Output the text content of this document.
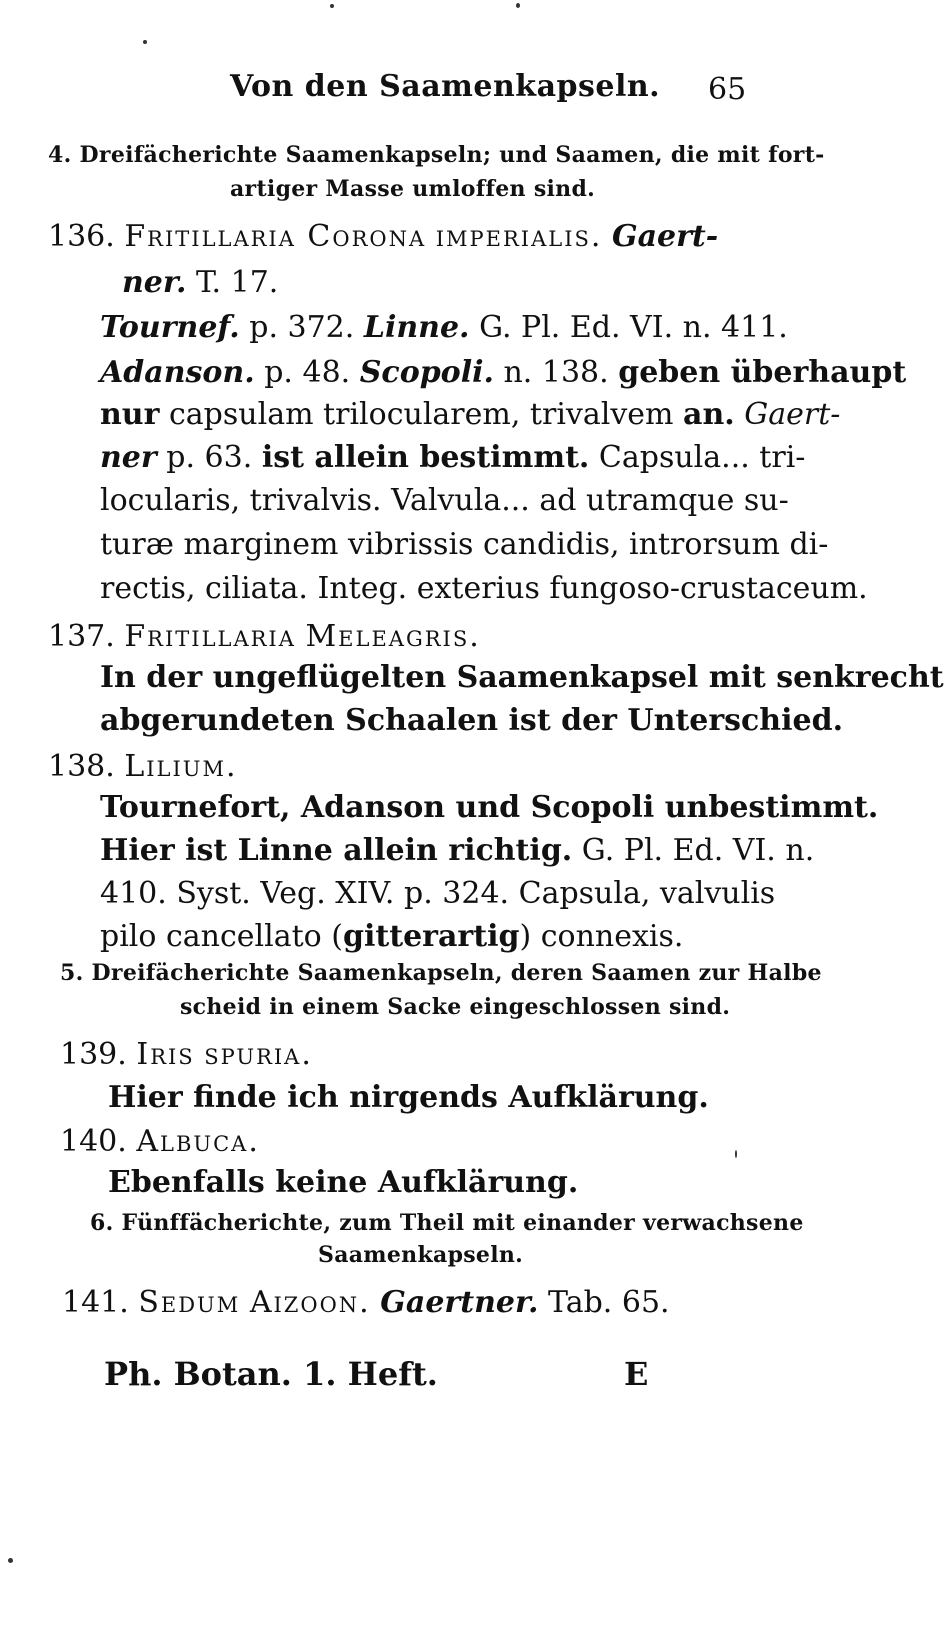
Von den Saamenkapseln. 65

4. Dreifächerichte Saamenkapseln; und Saamen, die mit fort-

artiger Masse umloffen sind.

136. Fritillaria Corona imperialis. Gaert-

ner. T. 17.

Tournef. p. 372. Linne. G. Pl. Ed. VI. n. 411.

Adanson. p. 48. Scopoli. n. 138. geben überhaupt

nur capsulam trilocularem, trivalvem an. Gaert-

ner p. 63. ist allein bestimmt. Capsula... tri-

locularis, trivalvis. Valvula... ad utramque su-

turæ marginem vibrissis candidis, introrsum di-

rectis, ciliata. Integ. exterius fungoso-crustaceum.

137. Fritillaria Meleagris.

In der ungeflügelten Saamenkapsel mit senkrecht

abgerundeten Schaalen ist der Unterschied.

138. Lilium.

Tournefort, Adanson und Scopoli unbestimmt.

Hier ist Linne allein richtig. G. Pl. Ed. VI. n.

410. Syst. Veg. XIV. p. 324. Capsula, valvulis

pilo cancellato (gitterartig) connexis.

5. Dreifächerichte Saamenkapseln, deren Saamen zur Halbe

scheid in einem Sacke eingeschlossen sind.

139. Iris spuria.

Hier finde ich nirgends Aufklärung.

140. Albuca.

Ebenfalls keine Aufklärung.

6. Fünffächerichte, zum Theil mit einander verwachsene

Saamenkapseln.

141. Sedum Aizoon. Gaertner. Tab. 65.

Ph. Botan. 1. Heft.	E
